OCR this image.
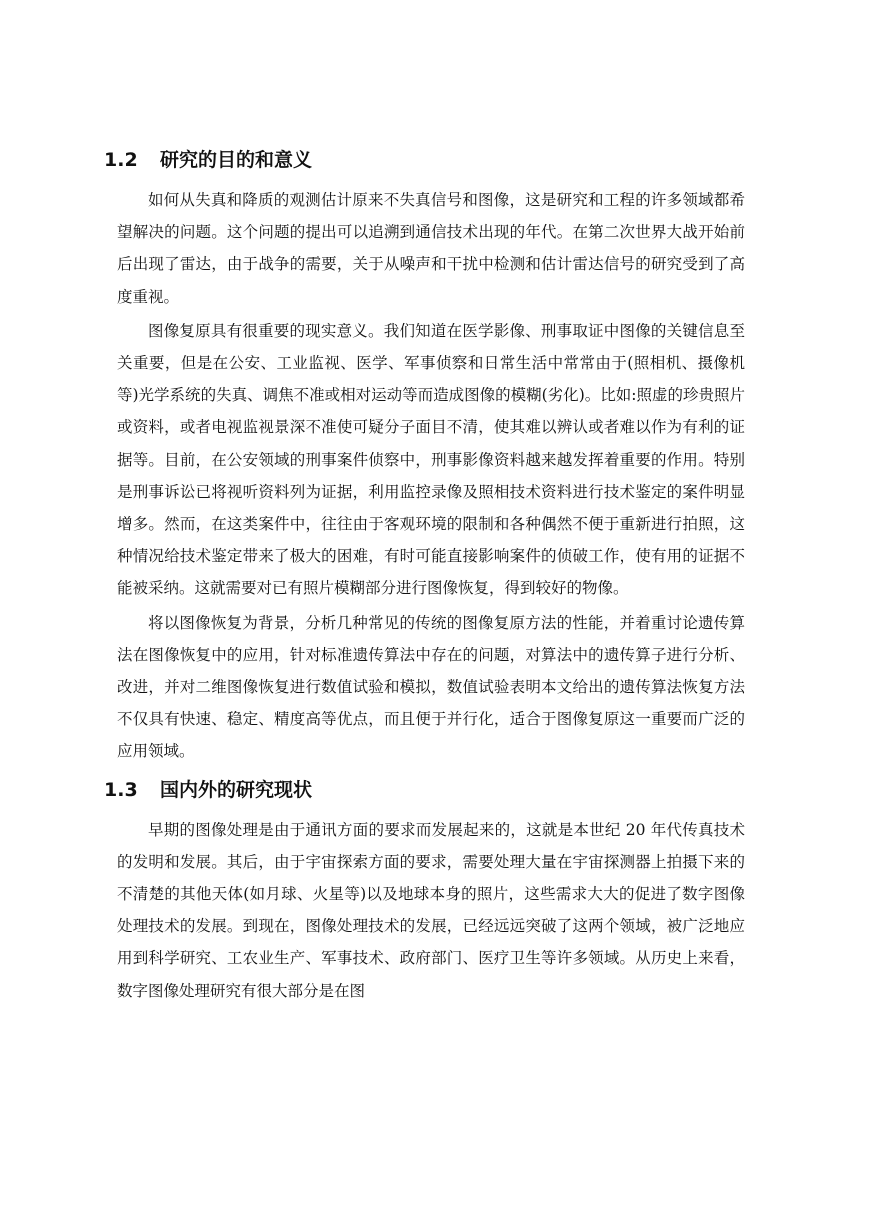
1.2 研究的目的和意义

如何从失真和降质的观测估计原来不失真信号和图像，这是研究和工程的许多领域都希望解决的问题。这个问题的提出可以追溯到通信技术出现的年代。在第二次世界大战开始前后出现了雷达，由于战争的需要，关于从噪声和干扰中检测和估计雷达信号的研究受到了高度重视。

图像复原具有很重要的现实意义。我们知道在医学影像、刑事取证中图像的关键信息至关重要，但是在公安、工业监视、医学、军事侦察和日常生活中常常由于(照相机、摄像机等)光学系统的失真、调焦不准或相对运动等而造成图像的模糊(劣化)。比如:照虚的珍贵照片或资料，或者电视监视景深不准使可疑分子面目不清，使其难以辨认或者难以作为有利的证据等。目前，在公安领域的刑事案件侦察中，刑事影像资料越来越发挥着重要的作用。特别是刑事诉讼已将视听资料列为证据，利用监控录像及照相技术资料进行技术鉴定的案件明显增多。然而，在这类案件中，往往由于客观环境的限制和各种偶然不便于重新进行拍照，这种情况给技术鉴定带来了极大的困难，有时可能直接影响案件的侦破工作，使有用的证据不能被采纳。这就需要对已有照片模糊部分进行图像恢复，得到较好的物像。

将以图像恢复为背景，分析几种常见的传统的图像复原方法的性能，并着重讨论遗传算法在图像恢复中的应用，针对标准遗传算法中存在的问题，对算法中的遗传算子进行分析、改进，并对二维图像恢复进行数值试验和模拟，数值试验表明本文给出的遗传算法恢复方法不仅具有快速、稳定、精度高等优点，而且便于并行化，适合于图像复原这一重要而广泛的应用领域。

1.3 国内外的研究现状

早期的图像处理是由于通讯方面的要求而发展起来的，这就是本世纪 20 年代传真技术的发明和发展。其后，由于宇宙探索方面的要求，需要处理大量在宇宙探测器上拍摄下来的不清楚的其他天体(如月球、火星等)以及地球本身的照片，这些需求大大的促进了数字图像处理技术的发展。到现在，图像处理技术的发展，已经远远突破了这两个领域，被广泛地应用到科学研究、工农业生产、军事技术、政府部门、医疗卫生等许多领域。从历史上来看，数字图像处理研究有很大部分是在图
